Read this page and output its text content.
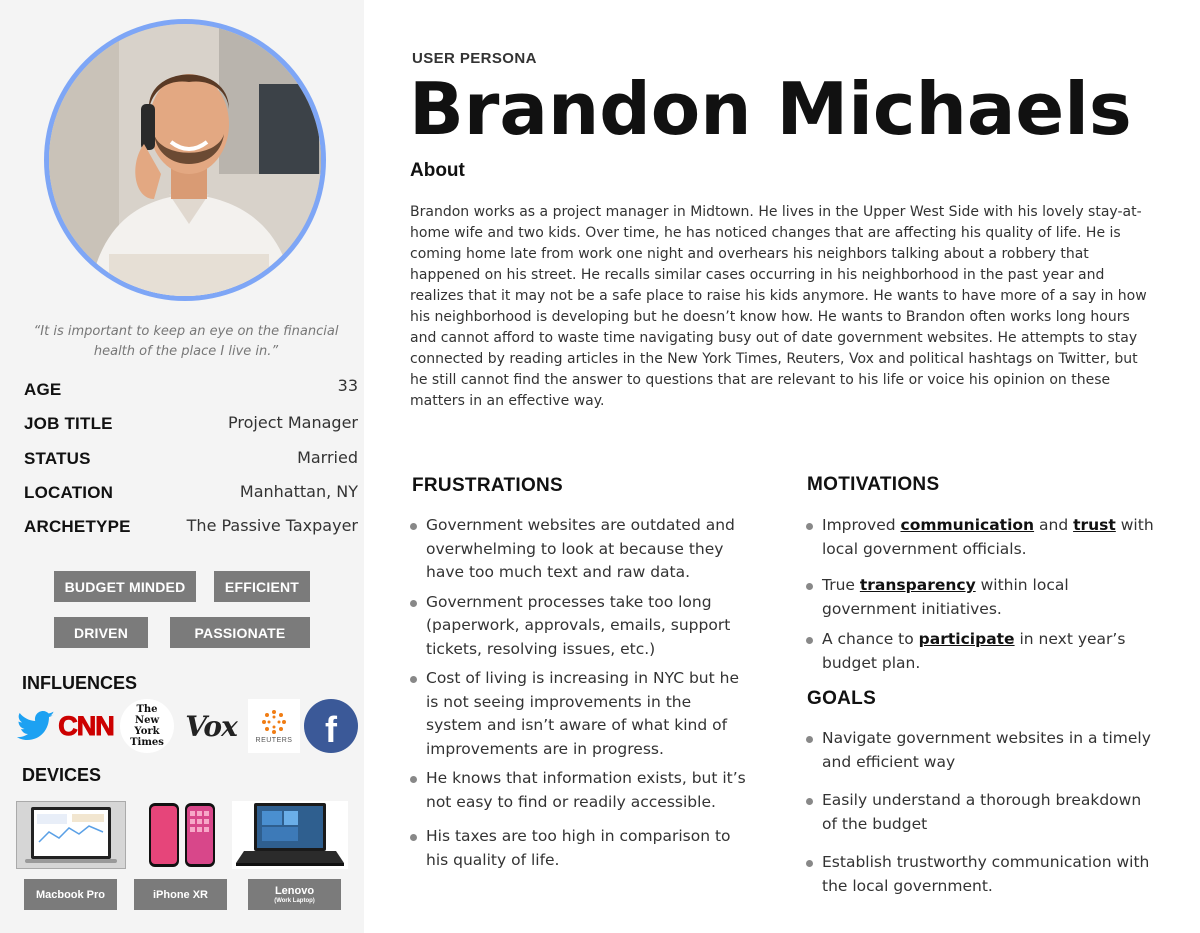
“It is important to keep an eye on the financial health of the place I live in.”

AGE	33
JOB TITLE	Project Manager
STATUS	Married
LOCATION	Manhattan, NY
ARCHETYPE	The Passive Taxpayer
BUDGET MINDED	EFFICIENT
DRIVEN	PASSIONATE
INFLUENCES
CNN
The New York Times Vox	REUTERS f
DEVICES
Macbook Pro	iPhone XR	Lenovo
(Work Laptop)
USER PERSONA
Brandon Michaels
About

Brandon works as a project manager in Midtown. He lives in the Upper West Side with his lovely stay-at-home wife and two kids. Over time, he has noticed changes that are affecting his quality of life. He is coming home late from work one night and overhears his neighbors talking about a robbery that happened on his street. He recalls similar cases occurring in his neighborhood in the past year and realizes that it may not be a safe place to raise his kids anymore. He wants to have more of a say in how his neighborhood is developing but he doesn’t know how. He wants to Brandon often works long hours and cannot afford to waste time navigating busy out of date government websites. He attempts to stay connected by reading articles in the New York Times, Reuters, Vox and political hashtags on Twitter, but he still cannot find the answer to questions that are relevant to his life or voice his opinion on these matters in an effective way.

FRUSTRATIONS
Government websites are outdated and overwhelming to look at because they have too much text and raw data.
Government processes take too long (paperwork, approvals, emails, support tickets, resolving issues, etc.)
Cost of living is increasing in NYC but he is not seeing improvements in the system and isn’t aware of what kind of improvements are in progress.
He knows that information exists, but it’s not easy to find or readily accessible.
His taxes are too high in comparison to his quality of life.
MOTIVATIONS
Improved communication and trust with local government officials.
True transparency within local government initiatives.
A chance to participate in next year’s budget plan.
GOALS
Navigate government websites in a timely and efficient way
Easily understand a thorough breakdown of the budget
Establish trustworthy communication with the local government.
